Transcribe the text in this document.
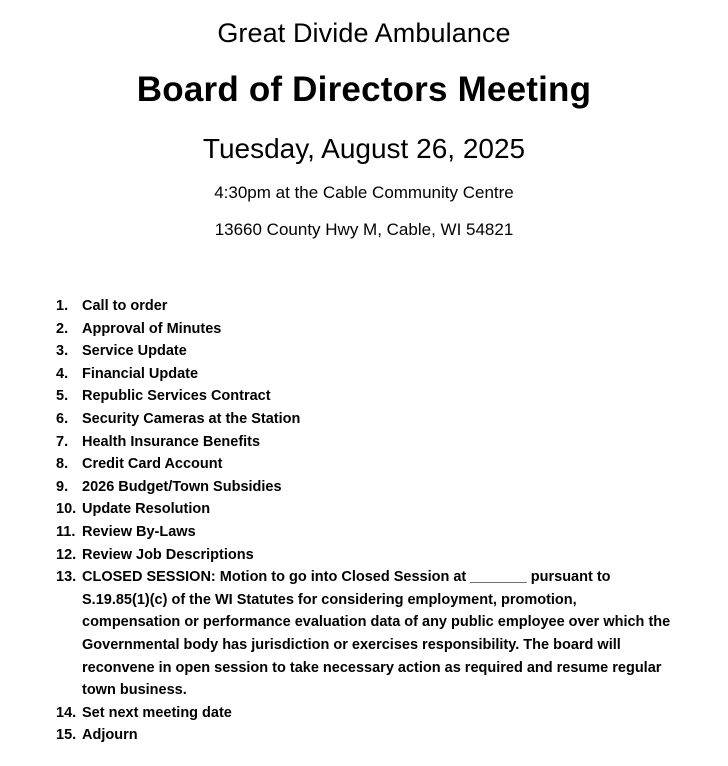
Great Divide Ambulance
Board of Directors Meeting
Tuesday, August 26, 2025
4:30pm at the Cable Community Centre
13660 County Hwy M, Cable, WI 54821
1. Call to order
2. Approval of Minutes
3. Service Update
4. Financial Update
5. Republic Services Contract
6. Security Cameras at the Station
7. Health Insurance Benefits
8. Credit Card Account
9. 2026 Budget/Town Subsidies
10. Update Resolution
11. Review By-Laws
12. Review Job Descriptions
13. CLOSED SESSION: Motion to go into Closed Session at _______ pursuant to
S.19.85(1)(c) of the WI Statutes for considering employment, promotion,
compensation or performance evaluation data of any public employee over which the
Governmental body has jurisdiction or exercises responsibility. The board will
reconvene in open session to take necessary action as required and resume regular
town business.
14. Set next meeting date
15. Adjourn
